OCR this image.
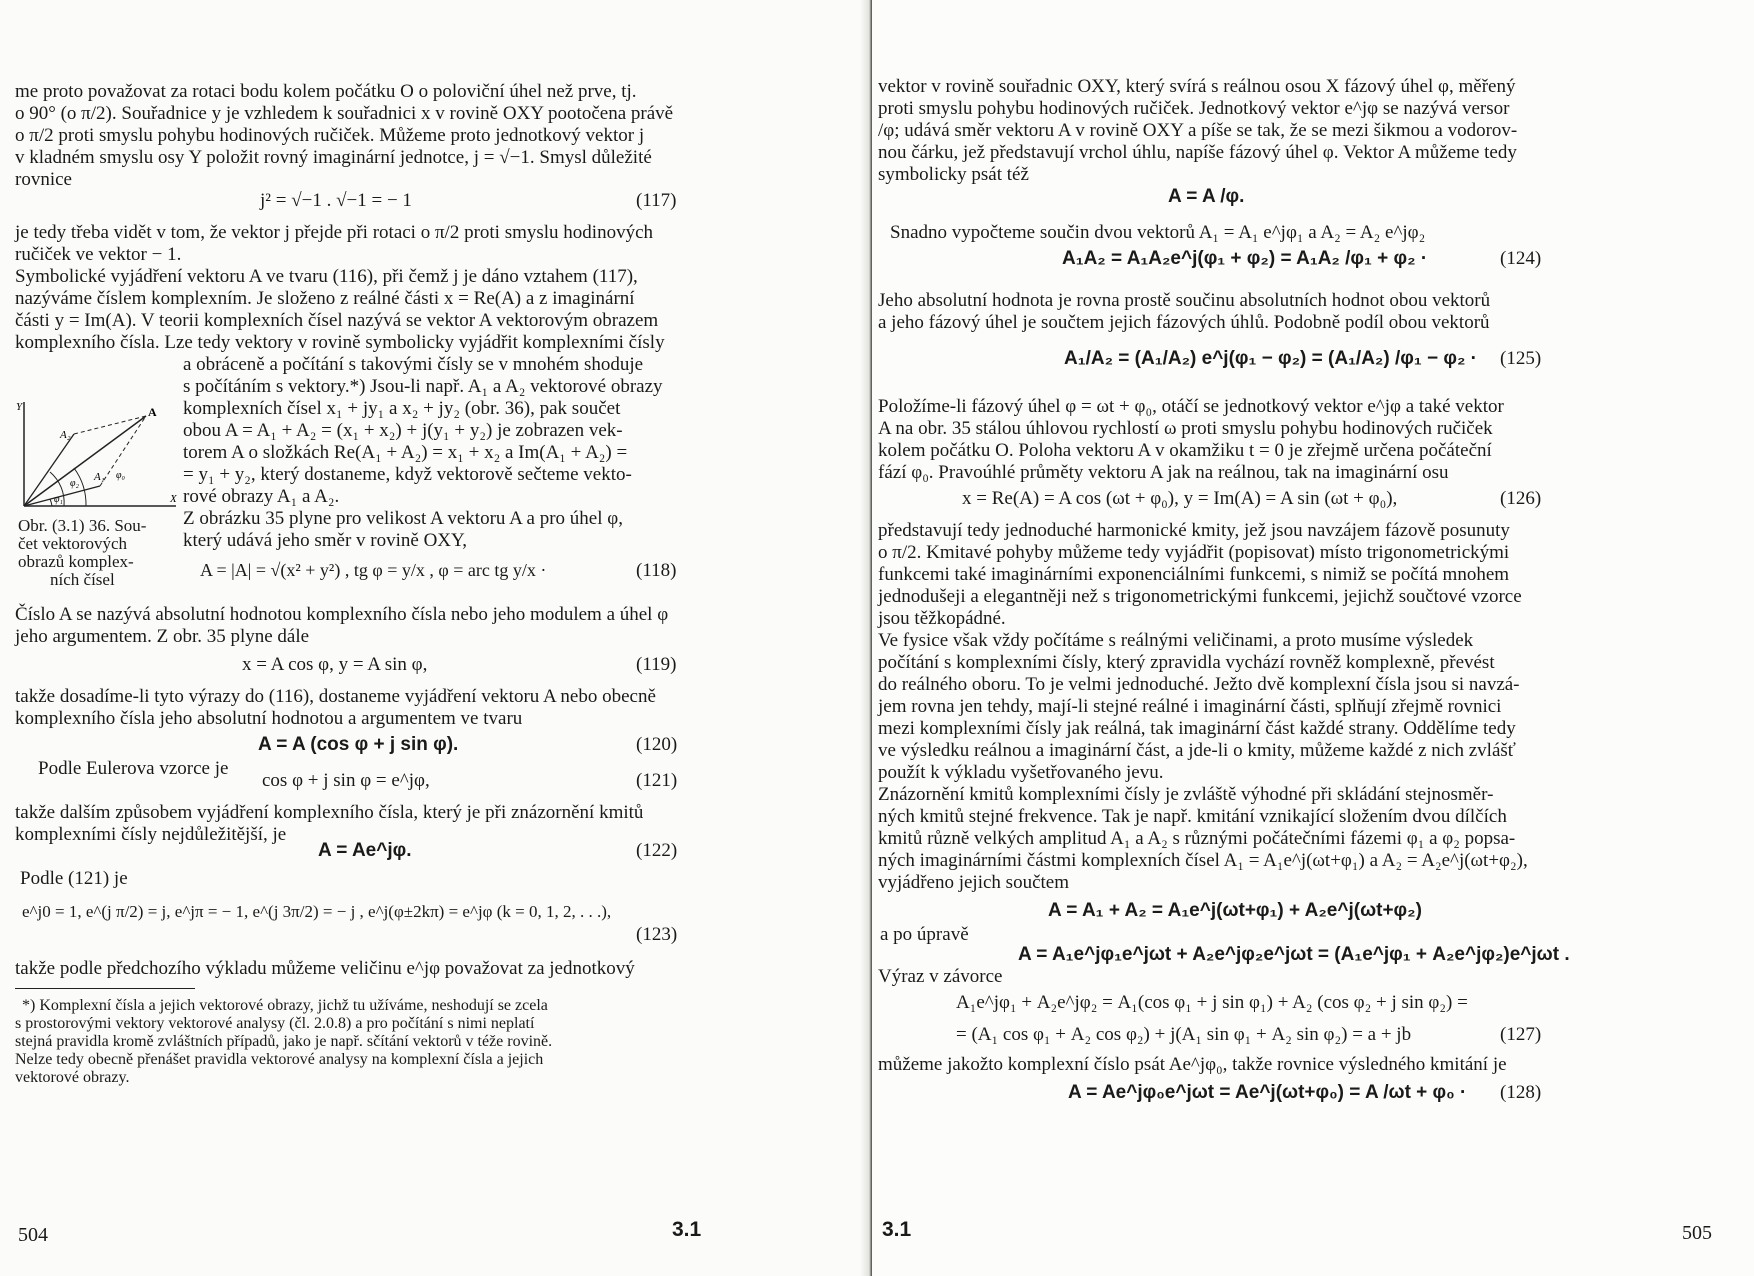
me proto považovat za rotaci bodu kolem počátku O o poloviční úhel než prve, tj.
o 90° (o π/2). Souřadnice y je vzhledem k souřadnici x v rovině OXY pootočena právě
o π/2 proti smyslu pohybu hodinových ručiček. Můžeme proto jednotkový vektor j
v kladném smyslu osy Y položit rovný imaginární jednotce, j = √−1. Smysl důležité
rovnice
j² = √−1 . √−1 = − 1	(117)
je tedy třeba vidět v tom, že vektor j přejde při rotaci o π/2 proti smyslu hodinových
ručiček ve vektor − 1.
Symbolické vyjádření vektoru A ve tvaru (116), při čemž j je dáno vztahem (117),
nazýváme číslem komplexním. Je složeno z reálné části x = Re(A) a z imaginární
části y = Im(A). V teorii komplexních čísel nazývá se vektor A vektorovým obrazem
komplexního čísla. Lze tedy vektory v rovině symbolicky vyjádřit komplexními čísly
Y
X
A
A₂
A₁
φ₂
φ₁
φ₀
Obr. (3.1) 36. Sou-
čet vektorových
obrazů komplex-
ních čísel
a obráceně a počítání s takovými čísly se v mnohém shoduje
s počítáním s vektory.*) Jsou-li např. A₁ a A₂ vektorové obrazy
komplexních čísel x₁ + jy₁ a x₂ + jy₂ (obr. 36), pak součet
obou A = A₁ + A₂ = (x₁ + x₂) + j(y₁ + y₂) je zobrazen vek-
torem A o složkách Re(A₁ + A₂) = x₁ + x₂ a Im(A₁ + A₂) =
= y₁ + y₂, který dostaneme, když vektorově sečteme vekto-
rové obrazy A₁ a A₂.
Z obrázku 35 plyne pro velikost A vektoru A a pro úhel φ,
který udává jeho směr v rovině OXY,
A = |A| = √(x² + y²) , tg φ = y/x , φ = arc tg y/x ·	(118)
Číslo A se nazývá absolutní hodnotou komplexního čísla nebo jeho modulem a úhel φ
jeho argumentem. Z obr. 35 plyne dále
x = A cos φ, y = A sin φ,	(119)
takže dosadíme-li tyto výrazy do (116), dostaneme vyjádření vektoru A nebo obecně
komplexního čísla jeho absolutní hodnotou a argumentem ve tvaru
A = A (cos φ + j sin φ).	(120)
Podle Eulerova vzorce je
cos φ + j sin φ = e^jφ,	(121)
takže dalším způsobem vyjádření komplexního čísla, který je při znázornění kmitů
komplexními čísly nejdůležitější, je
A = Ae^jφ.	(122)
Podle (121) je
e^j0 = 1, e^(j π/2) = j, e^jπ = − 1, e^(j 3π/2) = − j , e^j(φ±2kπ) = e^jφ (k = 0, 1, 2, . . .),
(123)
takže podle předchozího výkladu můžeme veličinu e^jφ považovat za jednotkový
*) Komplexní čísla a jejich vektorové obrazy, jichž tu užíváme, neshodují se zcela
s prostorovými vektory vektorové analysy (čl. 2.0.8) a pro počítání s nimi neplatí
stejná pravidla kromě zvláštních případů, jako je např. sčítání vektorů v téže rovině.
Nelze tedy obecně přenášet pravidla vektorové analysy na komplexní čísla a jejich
vektorové obrazy.
504	3.1
vektor v rovině souřadnic OXY, který svírá s reálnou osou X fázový úhel φ, měřený
proti smyslu pohybu hodinových ručiček. Jednotkový vektor e^jφ se nazývá versor
/φ; udává směr vektoru A v rovině OXY a píše se tak, že se mezi šikmou a vodorov-
nou čárku, jež představují vrchol úhlu, napíše fázový úhel φ. Vektor A můžeme tedy
symbolicky psát též
A = A /φ.
Snadno vypočteme součin dvou vektorů A₁ = A₁ e^jφ₁ a A₂ = A₂ e^jφ₂
A₁A₂ = A₁A₂e^j(φ₁ + φ₂) = A₁A₂ /φ₁ + φ₂ ·	(124)
Jeho absolutní hodnota je rovna prostě součinu absolutních hodnot obou vektorů
a jeho fázový úhel je součtem jejich fázových úhlů. Podobně podíl obou vektorů
A₁/A₂ = (A₁/A₂) e^j(φ₁ − φ₂) = (A₁/A₂) /φ₁ − φ₂ · (125)
Položíme-li fázový úhel φ = ωt + φ₀, otáčí se jednotkový vektor e^jφ a také vektor
A na obr. 35 stálou úhlovou rychlostí ω proti smyslu pohybu hodinových ručiček
kolem počátku O. Poloha vektoru A v okamžiku t = 0 je zřejmě určena počáteční
fází φ₀. Pravoúhlé průměty vektoru A jak na reálnou, tak na imaginární osu
x = Re(A) = A cos (ωt + φ₀), y = Im(A) = A sin (ωt + φ₀),	(126)
představují tedy jednoduché harmonické kmity, jež jsou navzájem fázově posunuty
o π/2. Kmitavé pohyby můžeme tedy vyjádřit (popisovat) místo trigonometrickými
funkcemi také imaginárními exponenciálními funkcemi, s nimiž se počítá mnohem
jednodušeji a elegantněji než s trigonometrickými funkcemi, jejichž součtové vzorce
jsou těžkopádné.
Ve fysice však vždy počítáme s reálnými veličinami, a proto musíme výsledek
počítání s komplexními čísly, který zpravidla vychází rovněž komplexně, převést
do reálného oboru. To je velmi jednoduché. Ježto dvě komplexní čísla jsou si navzá-
jem rovna jen tehdy, mají-li stejné reálné i imaginární části, splňují zřejmě rovnici
mezi komplexními čísly jak reálná, tak imaginární část každé strany. Oddělíme tedy
ve výsledku reálnou a imaginární část, a jde-li o kmity, můžeme každé z nich zvlášť
použít k výkladu vyšetřovaného jevu.
Znázornění kmitů komplexními čísly je zvláště výhodné při skládání stejnosměr-
ných kmitů stejné frekvence. Tak je např. kmitání vznikající složením dvou dílčích
kmitů různě velkých amplitud A₁ a A₂ s různými počátečními fázemi φ₁ a φ₂ popsa-
ných imaginárními částmi komplexních čísel A₁ = A₁e^j(ωt+φ₁) a A₂ = A₂e^j(ωt+φ₂),
vyjádřeno jejich součtem
A = A₁ + A₂ = A₁e^j(ωt+φ₁) + A₂e^j(ωt+φ₂)
a po úpravě
A = A₁e^jφ₁e^jωt + A₂e^jφ₂e^jωt = (A₁e^jφ₁ + A₂e^jφ₂)e^jωt .
Výraz v závorce
A₁e^jφ₁ + A₂e^jφ₂ = A₁(cos φ₁ + j sin φ₁) + A₂ (cos φ₂ + j sin φ₂) =
= (A₁ cos φ₁ + A₂ cos φ₂) + j(A₁ sin φ₁ + A₂ sin φ₂) = a + jb	(127)
můžeme jakožto komplexní číslo psát Ae^jφ₀, takže rovnice výsledného kmitání je
A = Ae^jφ₀e^jωt = Ae^j(ωt+φ₀) = A /ωt + φ₀ · (128)
3.1	505
